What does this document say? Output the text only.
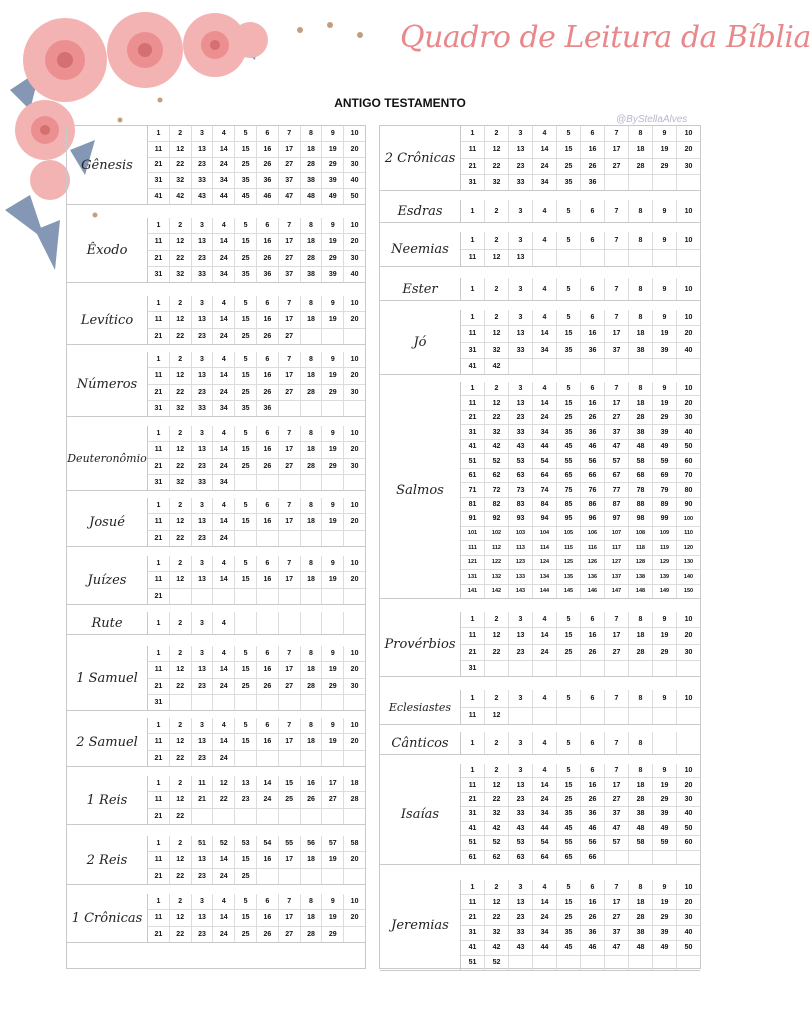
Quadro de Leitura da Bíblia
ANTIGO TESTAMENTO
@ByStellaAlves
Gênesis
1	2	3	4	5	6	7	8	9	10
11	12	13	14	15	16	17	18	19	20
21	22	23	24	25	26	27	28	29	30
31	32	33	34	35	36	37	38	39	40
41	42	43	44	45	46	47	48	49	50
Êxodo
1	2	3	4	5	6	7	8	9	10
11	12	13	14	15	16	17	18	19	20
21	22	23	24	25	26	27	28	29	30
31	32	33	34	35	36	37	38	39	40
Levítico
1	2	3	4	5	6	7	8	9	10
11	12	13	14	15	16	17	18	19	20
21	22	23	24	25	26	27
Números
1	2	3	4	5	6	7	8	9	10
11	12	13	14	15	16	17	18	19	20
21	22	23	24	25	26	27	28	29	30
31	32	33	34	35	36
Deuteronômio
1	2	3	4	5	6	7	8	9	10
11	12	13	14	15	16	17	18	19	20
21	22	23	24	25	26	27	28	29	30
31	32	33	34
Josué
1	2	3	4	5	6	7	8	9	10
11	12	13	14	15	16	17	18	19	20
21	22	23	24
Juízes
1	2	3	4	5	6	7	8	9	10
11	12	13	14	15	16	17	18	19	20
21
Rute	1	2	3	4
1 Samuel
1	2	3	4	5	6	7	8	9	10
11	12	13	14	15	16	17	18	19	20
21	22	23	24	25	26	27	28	29	30
31
2 Samuel
1	2	3	4	5	6	7	8	9	10
11	12	13	14	15	16	17	18	19	20
21	22	23	24
1 Reis
1	2	11	12	13	14	15	16	17	18
11	12	21	22	23	24	25	26	27	28
21	22
2 Reis
1	2	51	52	53	54	55	56	57	58
11	12	13	14	15	16	17	18	19	20
21	22	23	24	25
1 Crônicas
1	2	3	4	5	6	7	8	9	10
11	12	13	14	15	16	17	18	19	20
21	22	23	24	25	26	27	28	29
2 Crônicas
1	2	3	4	5	6	7	8	9	10
11	12	13	14	15	16	17	18	19	20
21	22	23	24	25	26	27	28	29	30
31	32	33	34	35	36
Esdras	1	2	3	4	5	6	7	8	9	10
Neemias
1	2	3	4	5	6	7	8	9	10
11	12	13
Ester	1	2	3	4	5	6	7	8	9	10
Jó
1	2	3	4	5	6	7	8	9	10
11	12	13	14	15	16	17	18	19	20
31	32	33	34	35	36	37	38	39	40
41	42
Salmos
1	2	3	4	5	6	7	8	9	10
11	12	13	14	15	16	17	18	19	20
21	22	23	24	25	26	27	28	29	30
31	32	33	34	35	36	37	38	39	40
41	42	43	44	45	46	47	48	49	50
51	52	53	54	55	56	57	58	59	60
61	62	63	64	65	66	67	68	69	70
71	72	73	74	75	76	77	78	79	80
81	82	83	84	85	86	87	88	89	90
91	92	93	94	95	96	97	98	99	100
101	102	103	104	105	106	107	108	109	110
111	112	113	114	115	116	117	118	119	120
121	122	123	124	125	126	127	128	129	130
131	132	133	134	135	136	137	138	139	140
141	142	143	144	145	146	147	148	149	150
Provérbios
1	2	3	4	5	6	7	8	9	10
11	12	13	14	15	16	17	18	19	20
21	22	23	24	25	26	27	28	29	30
31
Eclesiastes
1	2	3	4	5	6	7	8	9	10
11	12
Cânticos	1	2	3	4	5	6	7	8
Isaías
1	2	3	4	5	6	7	8	9	10
11	12	13	14	15	16	17	18	19	20
21	22	23	24	25	26	27	28	29	30
31	32	33	34	35	36	37	38	39	40
41	42	43	44	45	46	47	48	49	50
51	52	53	54	55	56	57	58	59	60
61	62	63	64	65	66
Jeremias
1	2	3	4	5	6	7	8	9	10
11	12	13	14	15	16	17	18	19	20
21	22	23	24	25	26	27	28	29	30
31	32	33	34	35	36	37	38	39	40
41	42	43	44	45	46	47	48	49	50
51	52
